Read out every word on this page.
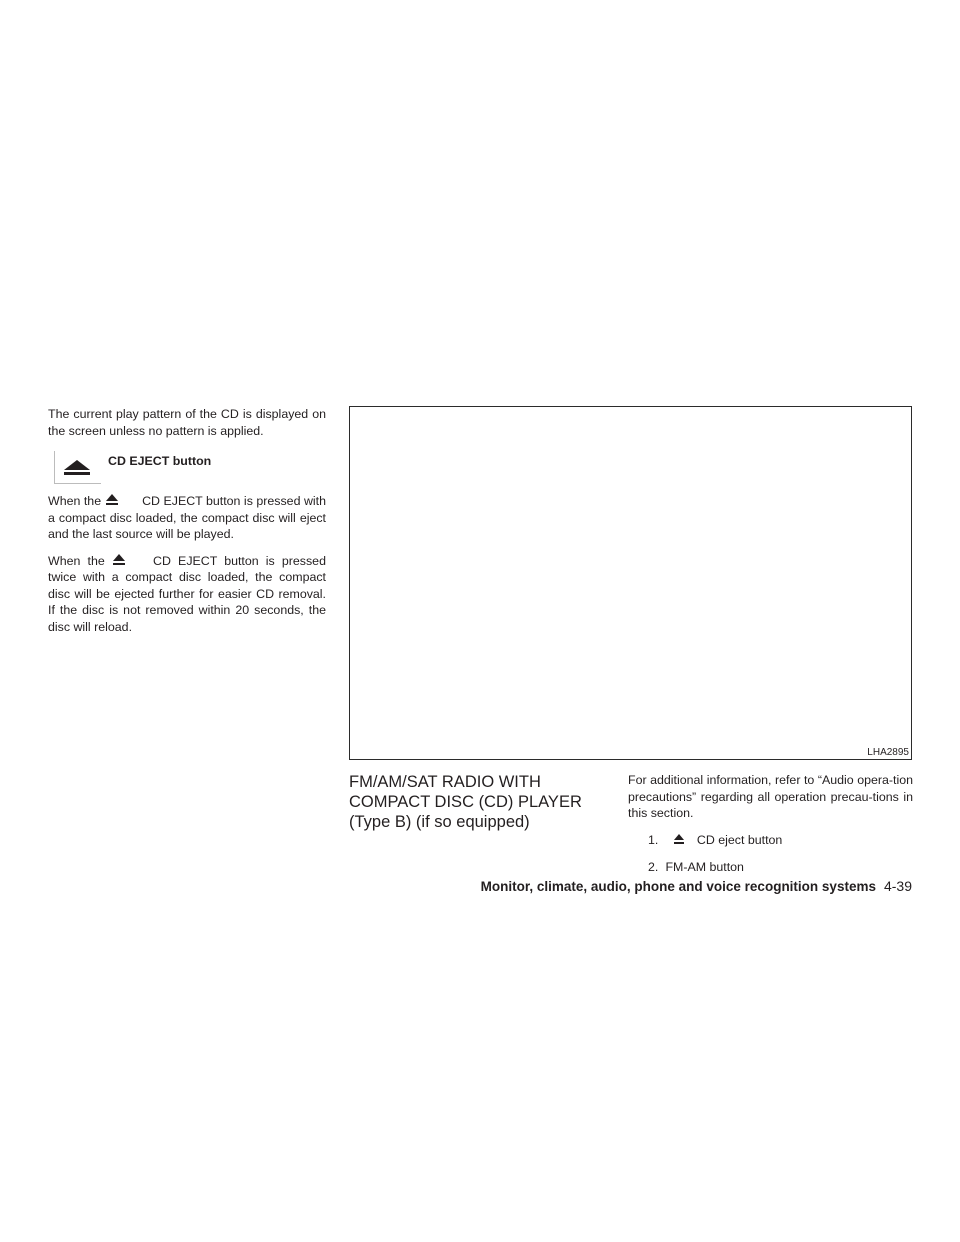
The current play pattern of the CD is displayed on the screen unless no pattern is applied.

CD EJECT button

When the	CD EJECT button is pressed with a compact disc loaded, the compact disc will eject and the last source will be played.

When the	CD EJECT button is pressed twice with a compact disc loaded, the compact disc will be ejected further for easier CD removal. If the disc is not removed within 20 seconds, the disc will reload.

LHA2895
FM/AM/SAT RADIO WITH COMPACT DISC (CD) PLAYER (Type B) (if so equipped)

For additional information, refer to “Audio opera-tion precautions” regarding all operation precau-tions in this section.

1.	CD eject button
2. FM-AM button
Monitor, climate, audio, phone and voice recognition systems 4-39
